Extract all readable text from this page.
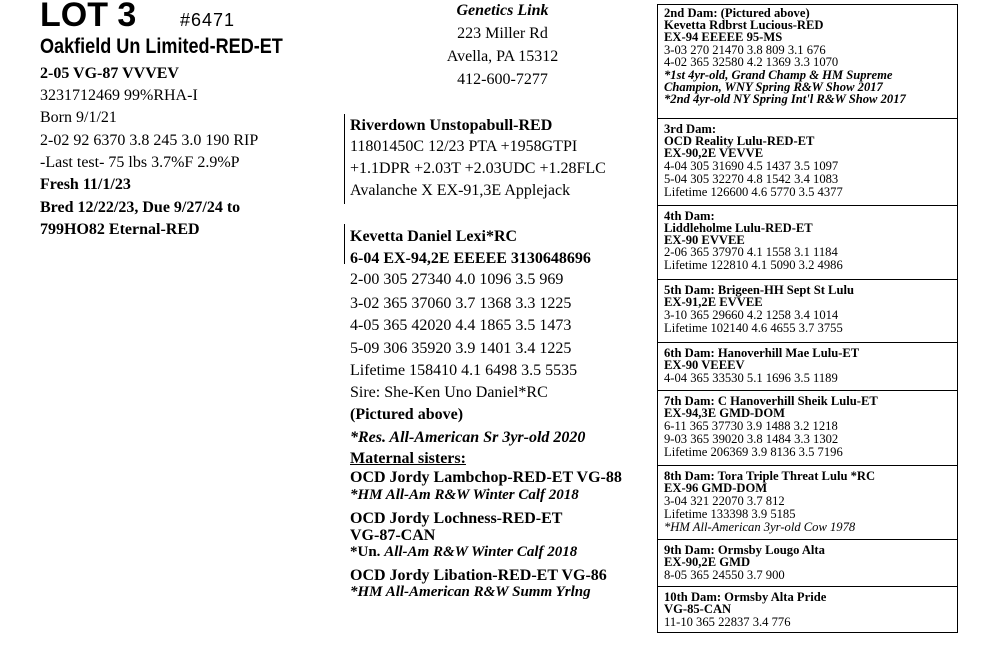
LOT 3 #6471
Oakfield Un Limited-RED-ET
2-05 VG-87 VVVEV
3231712469 99%RHA-I
Born 9/1/21
2-02 92 6370 3.8 245 3.0 190 RIP
-Last test- 75 lbs 3.7%F 2.9%P
Fresh 11/1/23
Bred 12/22/23, Due 9/27/24 to
799HO82 Eternal-RED
Genetics Link
223 Miller Rd
Avella, PA 15312
412-600-7277
Riverdown Unstopabull-RED
11801450C 12/23 PTA +1958GTPI
+1.1DPR +2.03T +2.03UDC +1.28FLC
Avalanche X EX-91,3E Applejack
Kevetta Daniel Lexi*RC
6-04 EX-94,2E EEEEE 3130648696
2-00 305 27340 4.0 1096 3.5 969
3-02 365 37060 3.7 1368 3.3 1225
4-05 365 42020 4.4 1865 3.5 1473
5-09 306 35920 3.9 1401 3.4 1225
Lifetime 158410 4.1 6498 3.5 5535
Sire: She-Ken Uno Daniel*RC
(Pictured above)
*Res. All-American Sr 3yr-old 2020
Maternal sisters:
OCD Jordy Lambchop-RED-ET VG-88
*HM All-Am R&W Winter Calf 2018
OCD Jordy Lochness-RED-ET
VG-87-CAN
*Un. All-Am R&W Winter Calf 2018
OCD Jordy Libation-RED-ET VG-86
*HM All-American R&W Summ Yrlng
2nd Dam: (Pictured above)
Kevetta Rdbrst Lucious-RED
EX-94 EEEEE 95-MS
3-03 270 21470 3.8 809 3.1 676
4-02 365 32580 4.2 1369 3.3 1070
*1st 4yr-old, Grand Champ & HM Supreme
Champion, WNY Spring R&W Show 2017
*2nd 4yr-old NY Spring Int'l R&W Show 2017
3rd Dam:
OCD Reality Lulu-RED-ET
EX-90,2E VEVVE
4-04 305 31690 4.5 1437 3.5 1097
5-04 305 32270 4.8 1542 3.4 1083
Lifetime 126600 4.6 5770 3.5 4377
4th Dam:
Liddleholme Lulu-RED-ET
EX-90 EVVEE
2-06 365 37970 4.1 1558 3.1 1184
Lifetime 122810 4.1 5090 3.2 4986
5th Dam: Brigeen-HH Sept St Lulu
EX-91,2E EVVEE
3-10 365 29660 4.2 1258 3.4 1014
Lifetime 102140 4.6 4655 3.7 3755
6th Dam: Hanoverhill Mae Lulu-ET
EX-90 VEEEV
4-04 365 33530 5.1 1696 3.5 1189
7th Dam: C Hanoverhill Sheik Lulu-ET
EX-94,3E GMD-DOM
6-11 365 37730 3.9 1488 3.2 1218
9-03 365 39020 3.8 1484 3.3 1302
Lifetime 206369 3.9 8136 3.5 7196
8th Dam: Tora Triple Threat Lulu *RC
EX-96 GMD-DOM
3-04 321 22070 3.7 812
Lifetime 133398 3.9 5185
*HM All-American 3yr-old Cow 1978
9th Dam: Ormsby Lougo Alta
EX-90,2E GMD
8-05 365 24550 3.7 900
10th Dam: Ormsby Alta Pride
VG-85-CAN
11-10 365 22837 3.4 776
